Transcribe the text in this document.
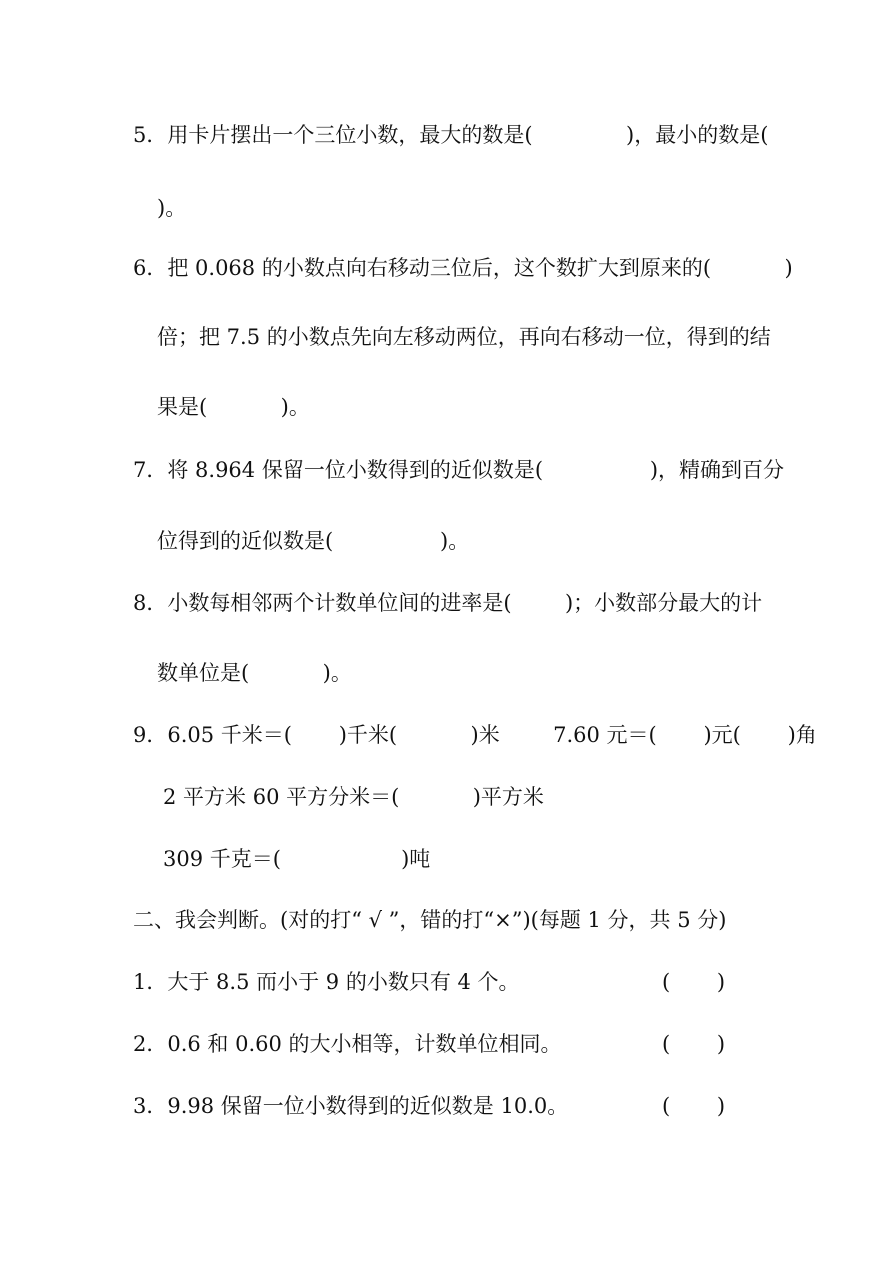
5．用卡片摆出一个三位小数，最大的数是(              )，最小的数是(
)。
6．把 0.068 的小数点向右移动三位后，这个数扩大到原来的(           )
倍；把 7.5 的小数点先向左移动两位，再向右移动一位，得到的结
果是(           )。
7．将 8.964 保留一位小数得到的近似数是(                )，精确到百分
位得到的近似数是(                )。
8．小数每相邻两个计数单位间的进率是(        )；小数部分最大的计
数单位是(           )。
9．6.05 千米＝(       )千米(           )米        7.60 元＝(       )元(       )角
2 平方米 60 平方分米＝(           )平方米
309 千克＝(                  )吨
二、我会判断。(对的打“ √ ”，错的打“×”)(每题 1 分，共 5 分)
1．大于 8.5 而小于 9 的小数只有 4 个。	(       )
2．0.6 和 0.60 的大小相等，计数单位相同。	(       )
3．9.98 保留一位小数得到的近似数是 10.0。	(       )
